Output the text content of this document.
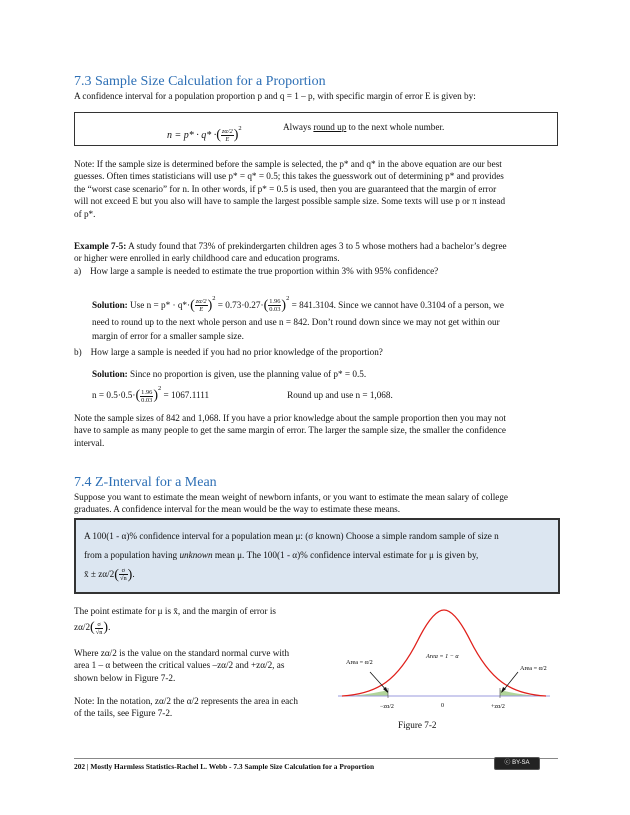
7.3 Sample Size Calculation for a Proportion
A confidence interval for a population proportion p and q = 1 – p, with specific margin of error E is given by:
n = p* · q* ·( $\frac{z\alpha/2}{E} )^2$	Always round up to the next whole number.
Note: If the sample size is determined before the sample is selected, the p* and q* in the above equation are our best
guesses. Often times statisticians will use p* = q* = 0.5; this takes the guesswork out of determining p* and provides
the “worst case scenario” for n. In other words, if p* = 0.5 is used, then you are guaranteed that the margin of error
will not exceed E but you also will have to sample the largest possible sample size. Some texts will use p or π instead
of p*.
Example 7-5: A study found that 73% of prekindergarten children ages 3 to 5 whose mothers had a bachelor’s degree
or higher were enrolled in early childhood care and education programs.
a) How large a sample is needed to estimate the true proportion within 3% with 95% confidence?
Solution: Use $n = p* \cdot q*\cdot( \frac{z\alpha/2}{E} )^2 = 0.73\cdot 0.27\cdot( \frac{1.96}{0.03} )^2 = 841.3104$. Since we cannot have 0.3104 of a person, we
need to round up to the next whole person and use n = 842. Don’t round down since we may not get within our
margin of error for a smaller sample size.
b) How large a sample is needed if you had no prior knowledge of the proportion?
Solution: Since no proportion is given, use the planning value of p* = 0.5.
$n = 0.5\cdot 0.5\cdot( \frac{1.96}{0.03} )^2 = 1067.1111$	Round up and use n = 1,068.
Note the sample sizes of 842 and 1,068. If you have a prior knowledge about the sample proportion then you may not
have to sample as many people to get the same margin of error. The larger the sample size, the smaller the confidence
interval.
7.4 Z-Interval for a Mean
Suppose you want to estimate the mean weight of newborn infants, or you want to estimate the mean salary of college
graduates. A confidence interval for the mean would be the way to estimate these means.
A 100(1 - α)% confidence interval for a population mean μ: (σ known) Choose a simple random sample of size n
from a population having unknown mean μ. The 100(1 - α)% confidence interval estimate for μ is given by,
x̄ ± $z\alpha/2( \frac{\sigma}{√n}$ ).
The point estimate for μ is x̄, and the margin of error is
$z\alpha/2( \frac{\sigma}{√n}$ ).
Where zα/2 is the value on the standard normal curve with
area 1 – α between the critical values –zα/2 and +zα/2, as
shown below in Figure 7-2.
Note: In the notation, zα/2 the α/2 represents the area in each
of the tails, see Figure 7-2.
Area = α/2
Area = 1 − α
Area = α/2
−zα/2	0	+zα/2
Figure 7-2
202 | Mostly Harmless Statistics-Rachel L. Webb - 7.3 Sample Size Calculation for a Proportion	ⓒ BY-SA
